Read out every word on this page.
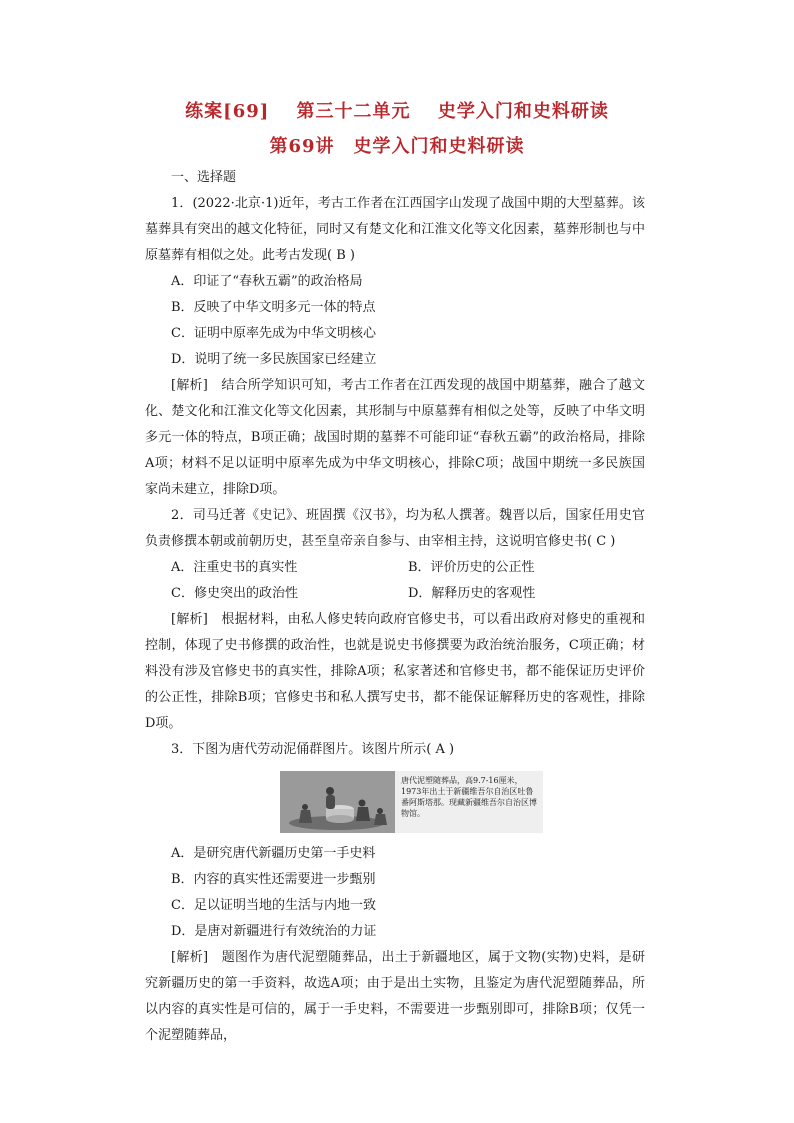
练案[69] 第三十二单元 史学入门和史料研读
第69讲　史学入门和史料研读

一、选择题

1．(2022·北京·1)近年，考古工作者在江西国字山发现了战国中期的大型墓葬。该墓葬具有突出的越文化特征，同时又有楚文化和江淮文化等文化因素，墓葬形制也与中原墓葬有相似之处。此考古发现( B )

A．印证了“春秋五霸”的政治格局

B．反映了中华文明多元一体的特点

C．证明中原率先成为中华文明核心

D．说明了统一多民族国家已经建立

[解析]　结合所学知识可知，考古工作者在江西发现的战国中期墓葬，融合了越文化、楚文化和江淮文化等文化因素，其形制与中原墓葬有相似之处等，反映了中华文明多元一体的特点，B项正确；战国时期的墓葬不可能印证“春秋五霸”的政治格局，排除A项；材料不足以证明中原率先成为中华文明核心，排除C项；战国中期统一多民族国家尚未建立，排除D项。

2．司马迁著《史记》、班固撰《汉书》，均为私人撰著。魏晋以后，国家任用史官负责修撰本朝或前朝历史，甚至皇帝亲自参与、由宰相主持，这说明官修史书( C )

A．注重史书的真实性	B．评价历史的公正性
C．修史突出的政治性	D．解释历史的客观性

[解析]　根据材料，由私人修史转向政府官修史书，可以看出政府对修史的重视和控制，体现了史书修撰的政治性，也就是说史书修撰要为政治统治服务，C项正确；材料没有涉及官修史书的真实性，排除A项；私家著述和官修史书，都不能保证历史评价的公正性，排除B项；官修史书和私人撰写史书，都不能保证解释历史的客观性，排除D项。

3．下图为唐代劳动泥俑群图片。该图片所示( A )

唐代泥塑随葬品，高9.7-16厘米，1973年出土于新疆维吾尔自治区吐鲁番阿斯塔那。现藏新疆维吾尔自治区博物馆。

A．是研究唐代新疆历史第一手史料

B．内容的真实性还需要进一步甄别

C．足以证明当地的生活与内地一致

D．是唐对新疆进行有效统治的力证

[解析]　题图作为唐代泥塑随葬品，出土于新疆地区，属于文物(实物)史料，是研究新疆历史的第一手资料，故选A项；由于是出土实物，且鉴定为唐代泥塑随葬品，所以内容的真实性是可信的，属于一手史料，不需要进一步甄别即可，排除B项；仅凭一个泥塑随葬品，
